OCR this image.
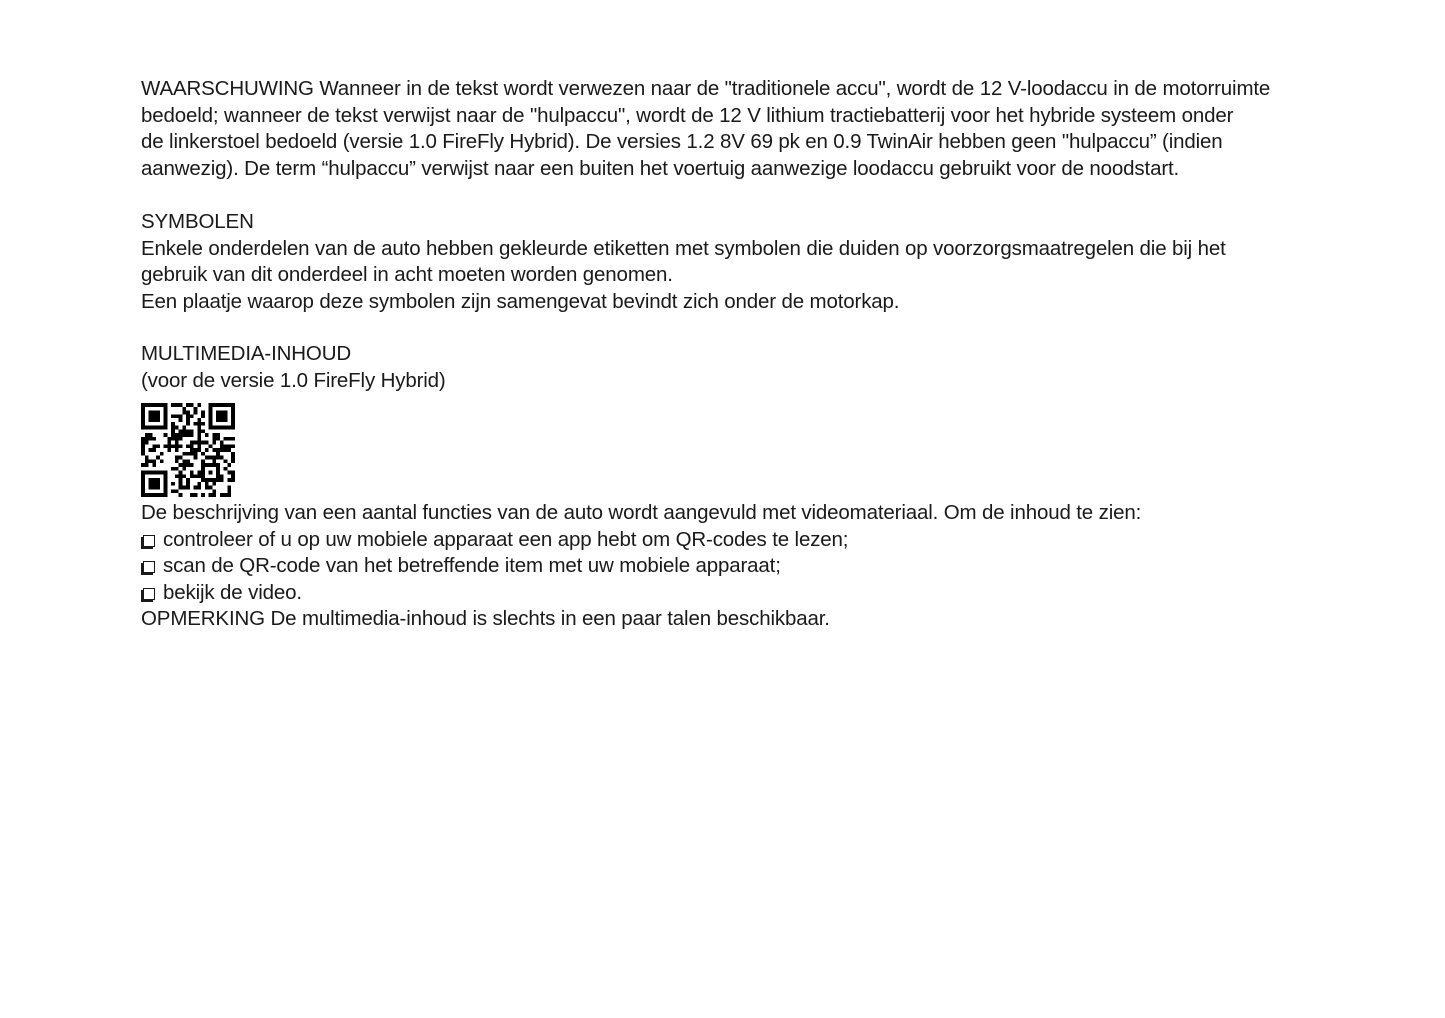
WAARSCHUWING Wanneer in de tekst wordt verwezen naar de "traditionele accu", wordt de 12 V-loodaccu in de motorruimte

bedoeld; wanneer de tekst verwijst naar de "hulpaccu", wordt de 12 V lithium tractiebatterij voor het hybride systeem onder

de linkerstoel bedoeld (versie 1.0 FireFly Hybrid). De versies 1.2 8V 69 pk en 0.9 TwinAir hebben geen "hulpaccu” (indien

aanwezig). De term “hulpaccu” verwijst naar een buiten het voertuig aanwezige loodaccu gebruikt voor de noodstart.

SYMBOLEN

Enkele onderdelen van de auto hebben gekleurde etiketten met symbolen die duiden op voorzorgsmaatregelen die bij het

gebruik van dit onderdeel in acht moeten worden genomen.

Een plaatje waarop deze symbolen zijn samengevat bevindt zich onder de motorkap.

MULTIMEDIA-INHOUD

(voor de versie 1.0 FireFly Hybrid)

De beschrijving van een aantal functies van de auto wordt aangevuld met videomateriaal. Om de inhoud te zien:

controleer of u op uw mobiele apparaat een app hebt om QR-codes te lezen;
scan de QR-code van het betreffende item met uw mobiele apparaat;
bekijk de video.

OPMERKING De multimedia-inhoud is slechts in een paar talen beschikbaar.
